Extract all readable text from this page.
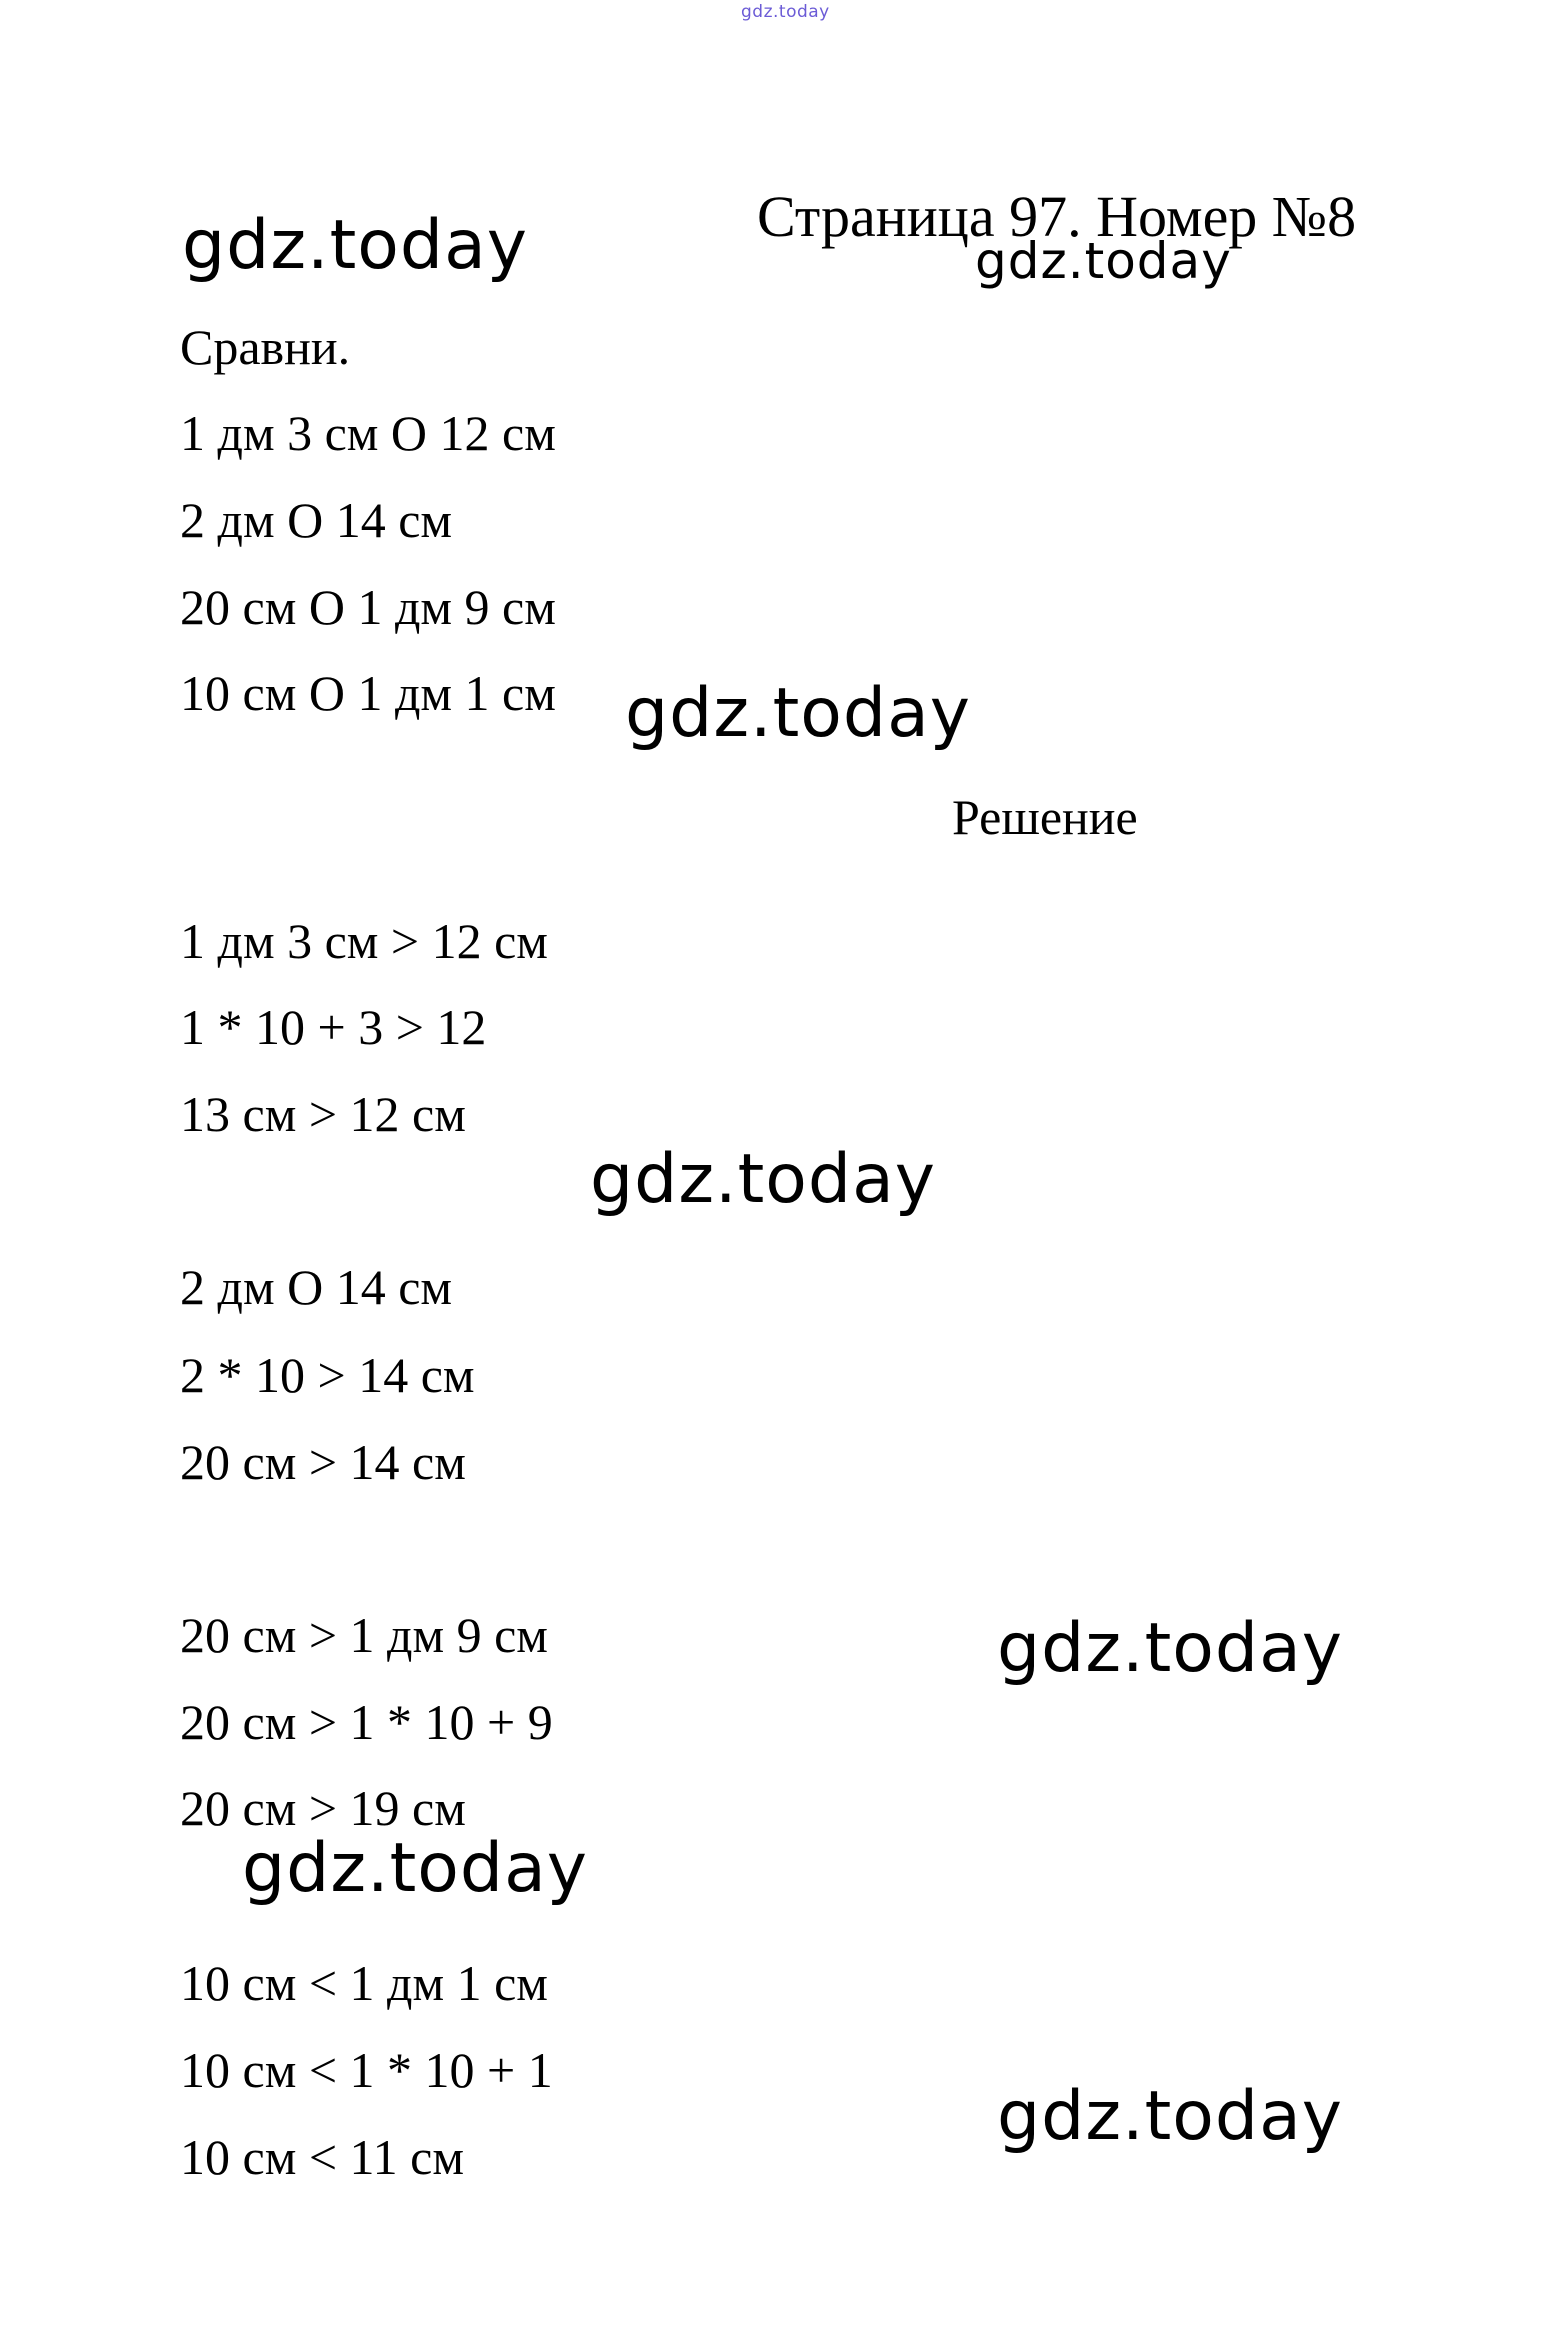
gdz.today
Страница 97. Номер №8
gdz.today
gdz.today
Сравни.
1 дм 3 см О 12 см
2 дм О 14 см
20 см О 1 дм 9 см
10 см О 1 дм 1 см gdz.today
Решение
1 дм 3 см > 12 см
1 * 10 + 3 > 12
13 см > 12 см
gdz.today
2 дм О 14 см
2 * 10 > 14 см
20 см > 14 см
20 см > 1 дм 9 см	gdz.today
20 см > 1 * 10 + 9
20 см > 19 см
gdz.today
10 см < 1 дм 1 см
10 см < 1 * 10 + 1
gdz.today
10 см < 11 см
